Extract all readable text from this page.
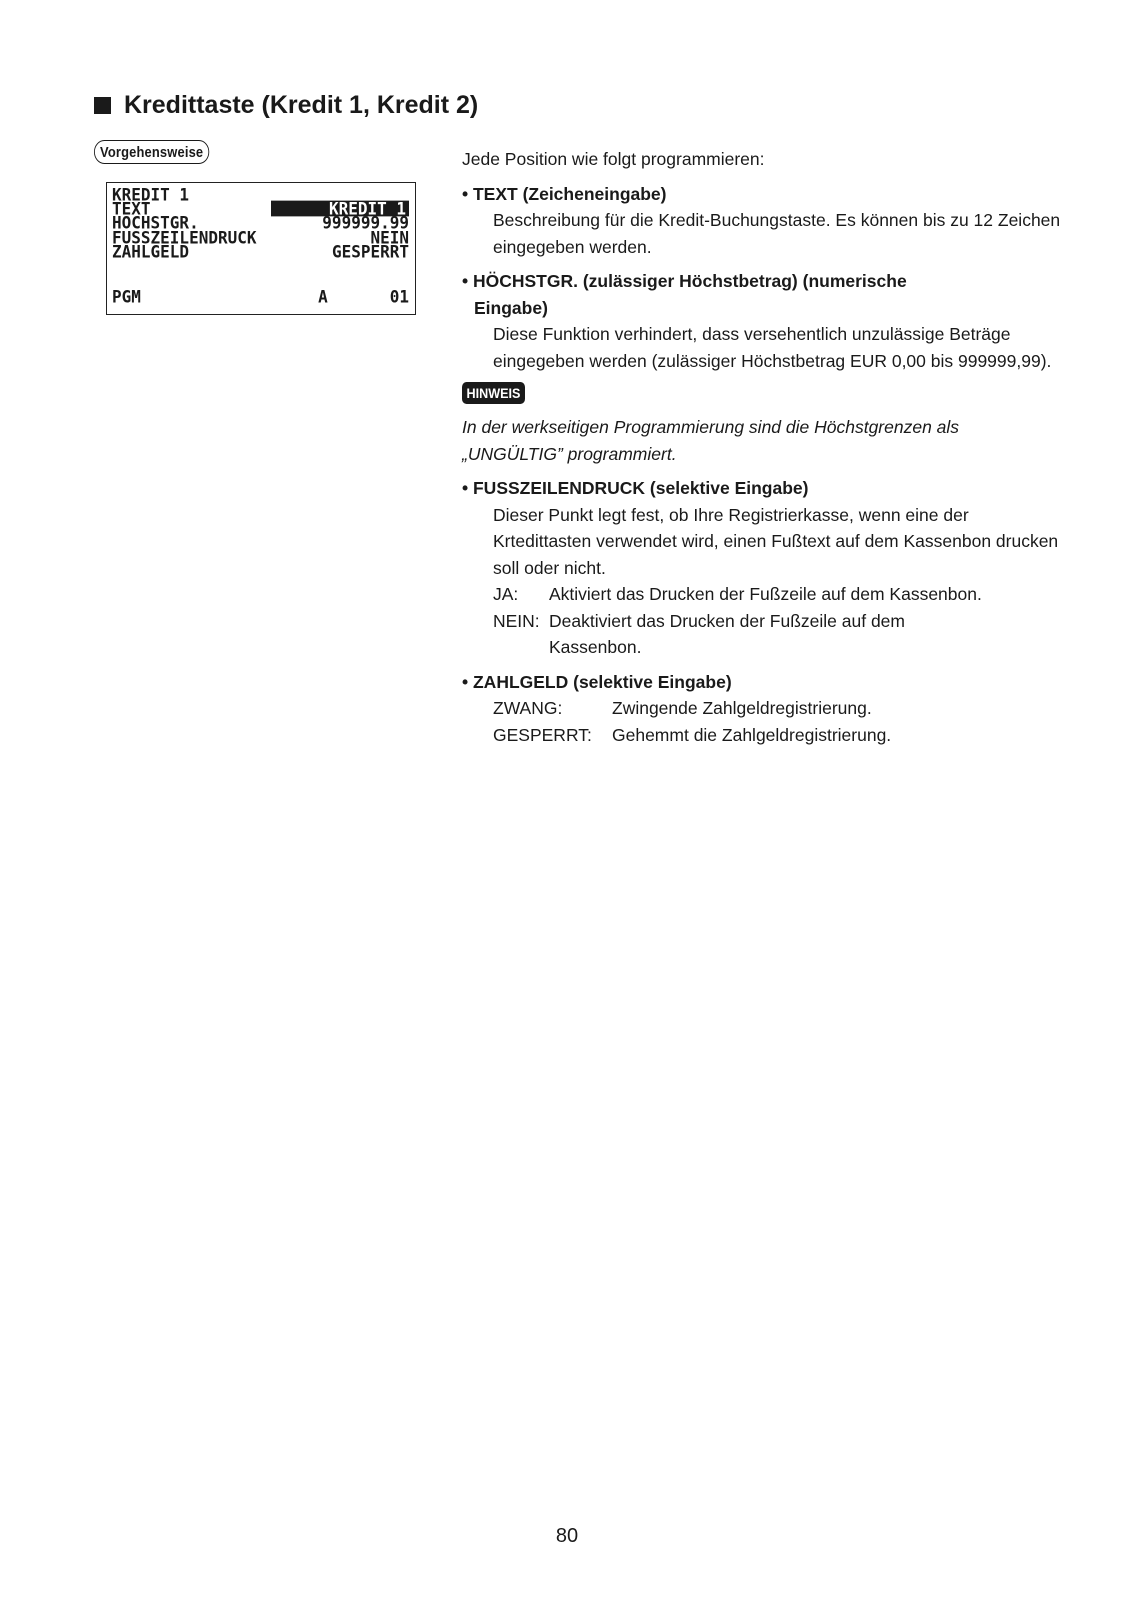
Kredittaste (Kredit 1, Kredit 2)
Vorgehensweise
KREDIT 1
TEXT	KREDIT 1
HÖCHSTGR.	999999.99
FUSSZEILENDRUCK	NEIN
ZAHLGELD	GESPERRT
PGM	A	01

Jede Position wie folgt programmieren:

• TEXT (Zeicheneingabe)

Beschreibung für die Kredit-Buchungstaste. Es können bis zu 12 Zeichen eingegeben werden.

• HÖCHSTGR. (zulässiger Höchstbetrag) (numerische

Eingabe)

Diese Funktion verhindert, dass versehentlich unzulässige Beträge eingegeben werden (zulässiger Höchstbetrag EUR 0,00 bis 999999,99).

HINWEIS

In der werkseitigen Programmierung sind die Höchstgrenzen als „UNGÜLTIG” programmiert.

• FUSSZEILENDRUCK (selektive Eingabe)

Dieser Punkt legt fest, ob Ihre Registrierkasse, wenn eine der Krtedittasten verwendet wird, einen Fußtext auf dem Kassenbon drucken soll oder nicht.

JA:	Aktiviert das Drucken der Fußzeile auf dem Kassenbon.
NEIN: Deaktiviert das Drucken der Fußzeile auf dem Kassenbon.

• ZAHLGELD (selektive Eingabe)

ZWANG:	Zwingende Zahlgeldregistrierung.
GESPERRT:	Gehemmt die Zahlgeldregistrierung.
80
